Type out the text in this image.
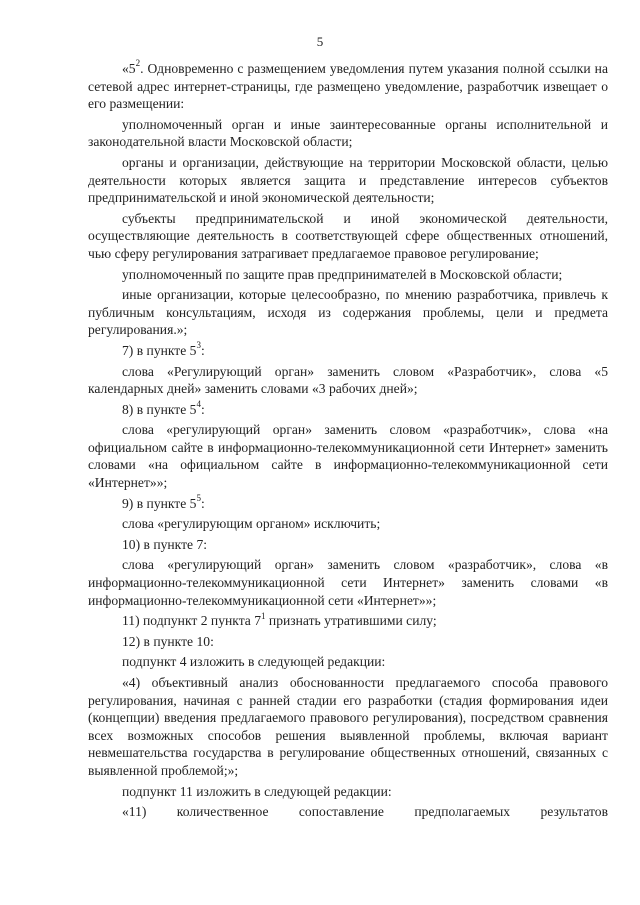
5

«$5^2$. Одновременно с размещением уведомления путем указания полной ссылки на сетевой адрес интернет-страницы, где размещено уведомление, разработчик извещает о его размещении:

уполномоченный орган и иные заинтересованные органы исполнительной и законодательной власти Московской области;

органы и организации, действующие на территории Московской области, целью деятельности которых является защита и представление интересов субъектов предпринимательской и иной экономической деятельности;

субъекты предпринимательской и иной экономической деятельности, осуществляющие деятельность в соответствующей сфере общественных отношений, чью сферу регулирования затрагивает предлагаемое правовое регулирование;

уполномоченный по защите прав предпринимателей в Московской области;

иные организации, которые целесообразно, по мнению разработчика, привлечь к публичным консультациям, исходя из содержания проблемы, цели и предмета регулирования.»;

7) в пункте $5^3$:

слова «Регулирующий орган» заменить словом «Разработчик», слова «5 календарных дней» заменить словами «3 рабочих дней»;

8) в пункте $5^4$:

слова «регулирующий орган» заменить словом «разработчик», слова «на официальном сайте в информационно-телекоммуникационной сети Интернет» заменить словами «на официальном сайте в информационно-телекоммуникационной сети «Интернет»»;

9) в пункте $5^5$:

слова «регулирующим органом» исключить;

10) в пункте 7:

слова «регулирующий орган» заменить словом «разработчик», слова «в информационно-телекоммуникационной сети Интернет» заменить словами «в информационно-телекоммуникационной сети «Интернет»»;

11) подпункт 2 пункта $7^1$ признать утратившими силу;

12) в пункте 10:

подпункт 4 изложить в следующей редакции:

«4) объективный анализ обоснованности предлагаемого способа правового регулирования, начиная с ранней стадии его разработки (стадия формирования идеи (концепции) введения предлагаемого правового регулирования), посредством сравнения всех возможных способов решения выявленной проблемы, включая вариант невмешательства государства в регулирование общественных отношений, связанных с выявленной проблемой;»;

подпункт 11 изложить в следующей редакции:

«11) количественное сопоставление предполагаемых результатов
